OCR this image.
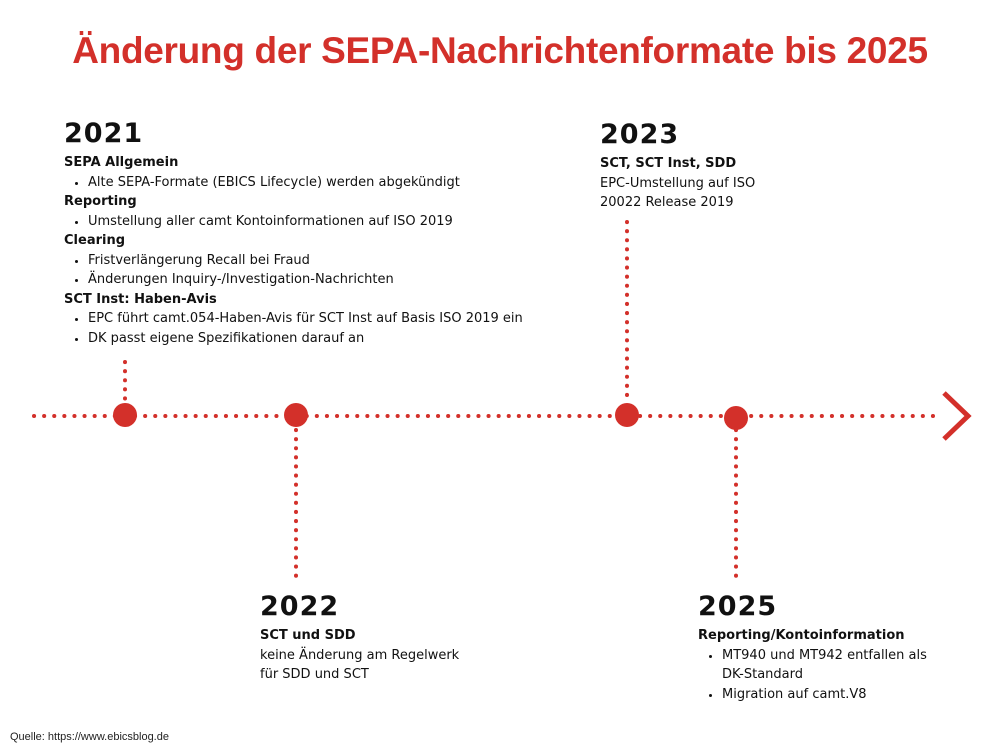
Änderung der SEPA-Nachrichtenformate bis 2025
2021
SEPA Allgemein
• Alte SEPA-Formate (EBICS Lifecycle) werden abgekündigt
Reporting
• Umstellung aller camt Kontoinformationen auf ISO 2019
Clearing
• Fristverlängerung Recall bei Fraud
• Änderungen Inquiry-/Investigation-Nachrichten
SCT Inst: Haben-Avis
• EPC führt camt.054-Haben-Avis für SCT Inst auf Basis ISO 2019 ein
• DK passt eigene Spezifikationen darauf an
2023
SCT, SCT Inst, SDD
EPC-Umstellung auf ISO
20022 Release 2019
2022
SCT und SDD
keine Änderung am Regelwerk
für SDD und SCT
2025
Reporting/Kontoinformation
• MT940 und MT942 entfallen als DK-Standard
• Migration auf camt.V8
Quelle: https://www.ebicsblog.de
